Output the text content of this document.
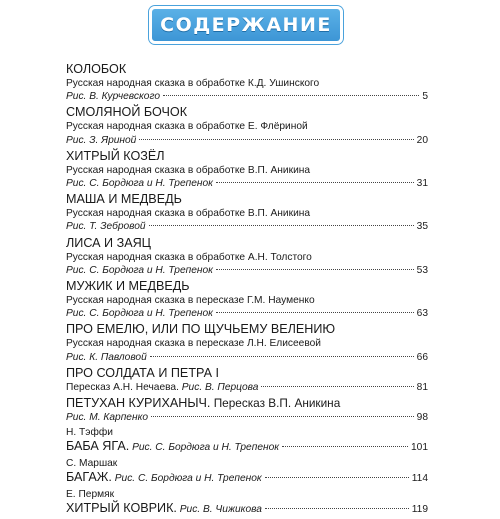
СОДЕРЖАНИЕ
КОЛОБОК
Русская народная сказка в обработке К.Д. Ушинского
Рис. В. Курчевского	5
СМОЛЯНОЙ БОЧОК
Русская народная сказка в обработке Е. Флёриной
Рис. З. Яриной	20
ХИТРЫЙ КОЗЁЛ
Русская народная сказка в обработке В.П. Аникина
Рис. С. Бордюга и Н. Трепенок	31
МАША И МЕДВЕДЬ
Русская народная сказка в обработке В.П. Аникина
Рис. Т. Зебровой	35
ЛИСА И ЗАЯЦ
Русская народная сказка в обработке А.Н. Толстого
Рис. С. Бордюга и Н. Трепенок	53
МУЖИК И МЕДВЕДЬ
Русская народная сказка в пересказе Г.М. Науменко
Рис. С. Бордюга и Н. Трепенок	63
ПРО ЕМЕЛЮ, ИЛИ ПО ЩУЧЬЕМУ ВЕЛЕНИЮ
Русская народная сказка в пересказе Л.Н. Елисеевой
Рис. К. Павловой	66
ПРО СОЛДАТА И ПЕТРА I
Пересказ А.Н. Нечаева.
Рис. В. Перцова	81
ПЕТУХАН КУРИХАНЫЧ.
Пересказ В.П. Аникина
Рис. М. Карпенко	98
Н. Тэффи
БАБА ЯГА.
Рис. С. Бордюга и Н. Трепенок	101
С. Маршак
БАГАЖ.
Рис. С. Бордюга и Н. Трепенок	114
Е. Пермяк
ХИТРЫЙ КОВРИК.
Рис. В. Чижикова	119
